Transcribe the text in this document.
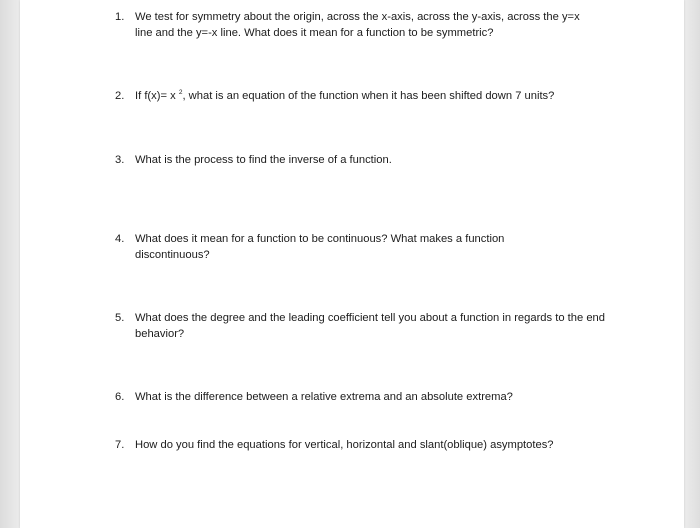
1. We test for symmetry about the origin, across the x-axis, across the y-axis, across the y=x line and the y=-x line. What does it mean for a function to be symmetric?
2. If f(x)= x $^2$, what is an equation of the function when it has been shifted down 7 units?
3. What is the process to find the inverse of a function.
4. What does it mean for a function to be continuous? What makes a function discontinuous?
5. What does the degree and the leading coefficient tell you about a function in regards to the end behavior?
6. What is the difference between a relative extrema and an absolute extrema?
7. How do you find the equations for vertical, horizontal and slant(oblique) asymptotes?
